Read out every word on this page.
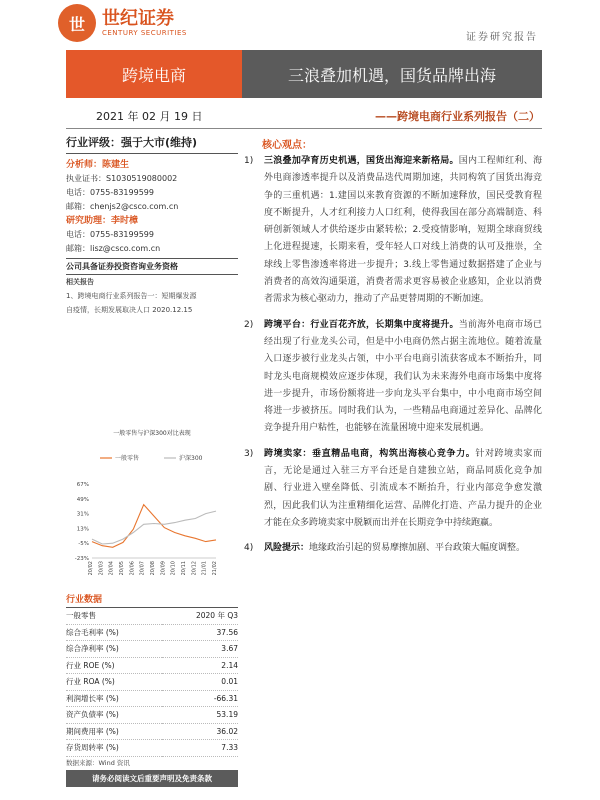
世 世纪证券
CENTURY SECURITIES	证券研究报告
跨境电商	三浪叠加机遇，国货品牌出海
2021 年 02 月 19 日	——跨境电商行业系列报告（二）
行业评级：强于大市(维持)
分析师：陈建生
执业证书：S1030519080002
电话：0755-83199599
邮箱：chenjs2@csco.com.cn
研究助理：李时樟
电话：0755-83199599
邮箱：lisz@csco.com.cn
公司具备证券投资咨询业务资格
相关报告
1、跨境电商行业系列报告一：短期爆发源
自疫情，长期发展取决人口 2020.12.15
一般零售与沪深300对比表现
一般零售	沪深300
67%
49%
31%
13%
-5%
-23%
20/02 20/03 20/04 20/05 20/06 20/07 20/08 20/09 20/10 20/11 20/12 21/01 21/02
行业数据
一般零售	2020 年 Q3
综合毛利率 (%)	37.56
综合净利率 (%)	3.67
行业 ROE (%)	2.14
行业 ROA (%)	0.01
利润增长率 (%)	-66.31
资产负债率 (%)	53.19
期间费用率 (%)	36.02
存货周转率 (%)	7.33
数据来源：Wind 资讯
请务必阅读文后重要声明及免责条款
核心观点：
1)	三浪叠加孕育历史机遇，国货出海迎来新格局。国内工程师红利、海外电商渗透率提升以及消费品迭代周期加速，共同构筑了国货出海竞争的三重机遇：1.建国以来教育资源的不断加速释放，国民受教育程度不断提升，人才红利接力人口红利，使得我国在部分高端制造、科研创新领域人才供给逐步由紧转松；2.受疫情影响，短期全球商贸线上化进程提速，长期来看，受年轻人口对线上消费的认可及推崇，全球线上零售渗透率将进一步提升；3.线上零售通过数据搭建了企业与消费者的高效沟通渠道，消费者需求更容易被企业感知，企业以消费者需求为核心驱动力，推动了产品更替周期的不断加速。
2)	跨境平台：行业百花齐放，长期集中度将提升。当前海外电商市场已经出现了行业龙头公司，但是中小电商仍然占据主流地位。随着流量入口逐步被行业龙头占领，中小平台电商引流获客成本不断抬升，同时龙头电商规模效应逐步体现，我们认为未来海外电商市场集中度将进一步提升，市场份额将进一步向龙头平台集中，中小电商市场空间将进一步被挤压。同时我们认为，一些精品电商通过差异化、品牌化竞争提升用户粘性，也能够在流量困境中迎来发展机遇。
3)	跨境卖家：垂直精品电商，构筑出海核心竞争力。针对跨境卖家而言，无论是通过入驻三方平台还是自建独立站，商品同质化竞争加剧、行业进入壁垒降低、引流成本不断抬升，行业内部竞争愈发激烈，因此我们认为注重精细化运营、品牌化打造、产品力提升的企业才能在众多跨境卖家中脱颖而出并在长期竞争中持续跑赢。
4)	风险提示：地缘政治引起的贸易摩擦加剧、平台政策大幅度调整。
